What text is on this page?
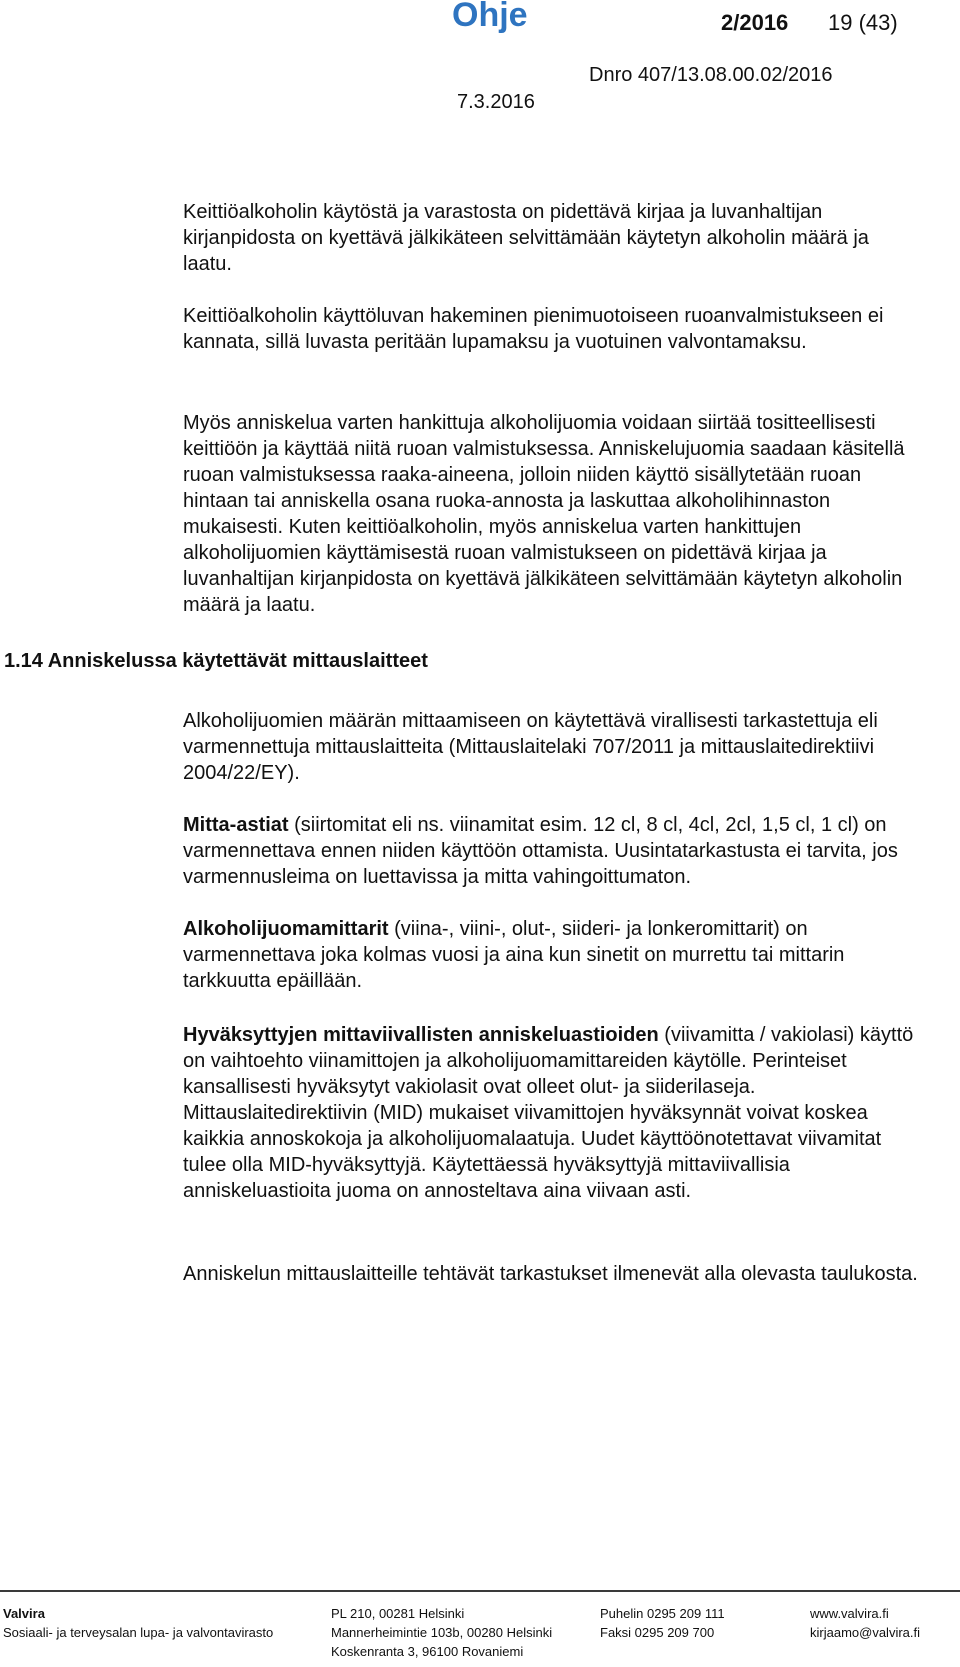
Ohje	2/2016 19 (43)
Dnro 407/13.08.00.02/2016
7.3.2016

Keittiöalkoholin käytöstä ja varastosta on pidettävä kirjaa ja luvanhaltijan kirjanpidosta on kyettävä jälkikäteen selvittämään käytetyn alkoholin määrä ja laatu.

Keittiöalkoholin käyttöluvan hakeminen pienimuotoiseen ruoanvalmistukseen ei kannata, sillä luvasta peritään lupamaksu ja vuotuinen valvontamaksu.

Myös anniskelua varten hankittuja alkoholijuomia voidaan siirtää tositteellisesti keittiöön ja käyttää niitä ruoan valmistuksessa. Anniskelujuomia saadaan käsitellä ruoan valmistuksessa raaka-aineena, jolloin niiden käyttö sisällytetään ruoan hintaan tai anniskella osana ruoka-annosta ja laskuttaa alkoholihinnaston mukaisesti. Kuten keittiöalkoholin, myös anniskelua varten hankittujen alkoholijuomien käyttämisestä ruoan valmistukseen on pidettävä kirjaa ja luvanhaltijan kirjanpidosta on kyettävä jälkikäteen selvittämään käytetyn alkoholin määrä ja laatu.

1.14 Anniskelussa käytettävät mittauslaitteet

Alkoholijuomien määrän mittaamiseen on käytettävä virallisesti tarkastettuja eli varmennettuja mittauslaitteita (Mittauslaitelaki 707/2011 ja mittauslaitedirektiivi 2004/22/EY).

Mitta-astiat (siirtomitat eli ns. viinamitat esim. 12 cl, 8 cl, 4cl, 2cl, 1,5 cl, 1 cl) on varmennettava ennen niiden käyttöön ottamista. Uusintatarkastusta ei tarvita, jos varmennusleima on luettavissa ja mitta vahingoittumaton.

Alkoholijuomamittarit (viina-, viini-, olut-, siideri- ja lonkeromittarit) on varmennettava joka kolmas vuosi ja aina kun sinetit on murrettu tai mittarin tarkkuutta epäillään.

Hyväksyttyjen mittaviivallisten anniskeluastioiden (viivamitta / vakiolasi) käyttö on vaihtoehto viinamittojen ja alkoholijuomamittareiden käytölle. Perinteiset kansallisesti hyväksytyt vakiolasit ovat olleet olut- ja siiderilaseja. Mittauslaitedirektiivin (MID) mukaiset viivamittojen hyväksynnät voivat koskea kaikkia annoskokoja ja alkoholijuomalaatuja. Uudet käyttöönotettavat viivamitat tulee olla MID-hyväksyttyjä. Käytettäessä hyväksyttyjä mittaviivallisia anniskeluastioita juoma on annosteltava aina viivaan asti.

Anniskelun mittauslaitteille tehtävät tarkastukset ilmenevät alla olevasta taulukosta.

Valvira
Sosiaali- ja terveysalan lupa- ja valvontavirasto
PL 210, 00281 Helsinki
Mannerheimintie 103b, 00280 Helsinki
Koskenranta 3, 96100 Rovaniemi
Puhelin 0295 209 111
Faksi 0295 209 700
www.valvira.fi
kirjaamo@valvira.fi
